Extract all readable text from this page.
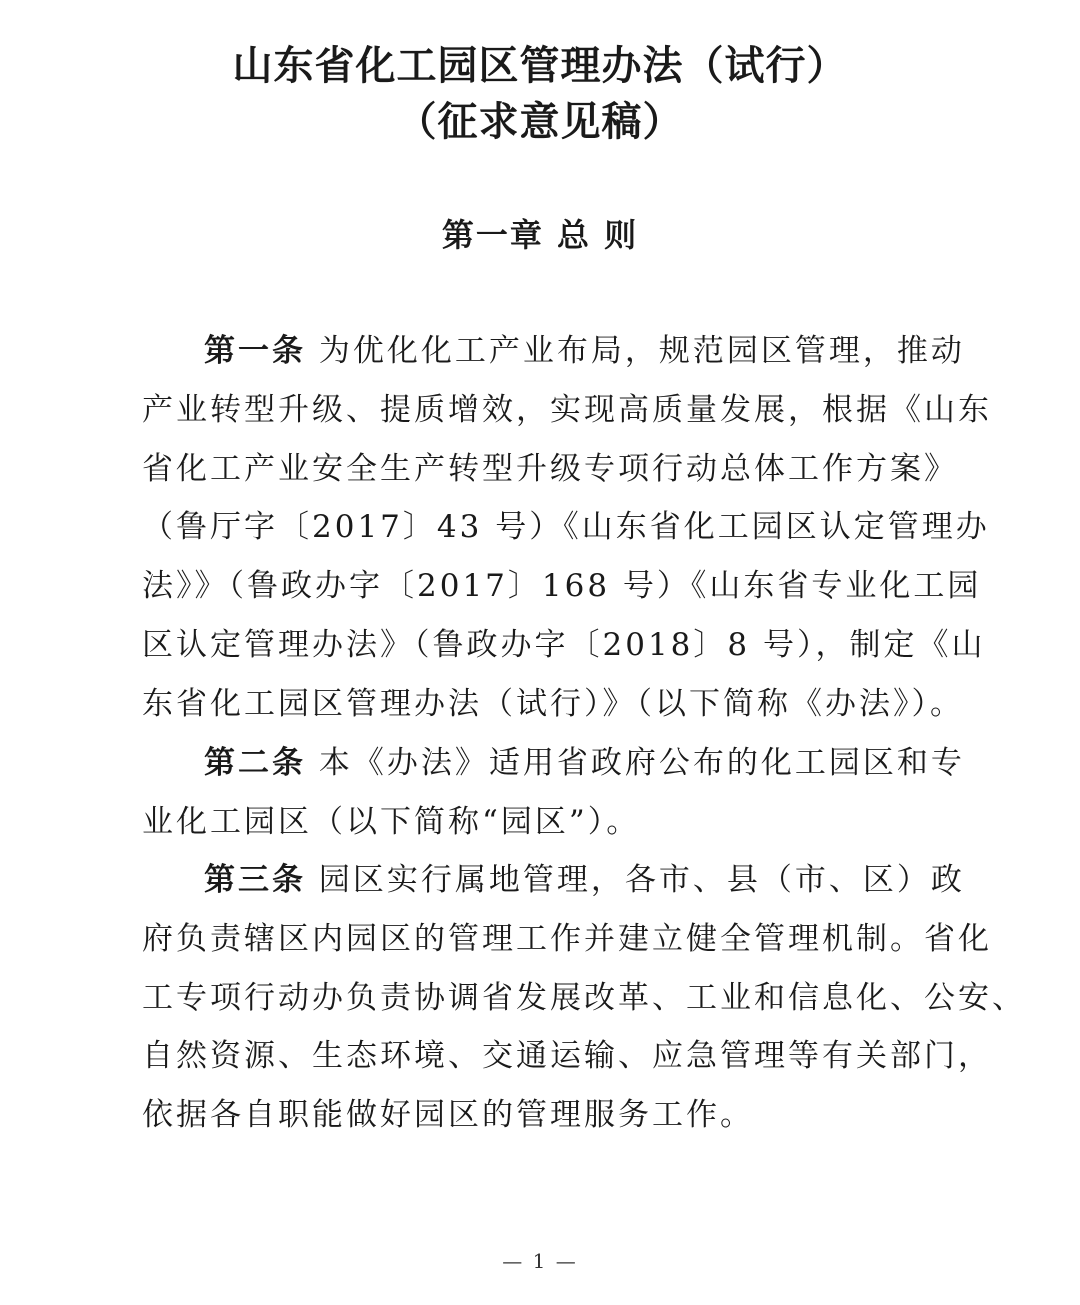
山东省化工园区管理办法（试行）
（征求意见稿）
第一章 总 则
第一条 为优化化工产业布局，规范园区管理，推动
产业转型升级、提质增效，实现高质量发展，根据《山东
省化工产业安全生产转型升级专项行动总体工作方案》
（鲁厅字〔2017〕43 号）《山东省化工园区认定管理办
法》》（鲁政办字〔2017〕168 号）《山东省专业化工园
区认定管理办法》（鲁政办字〔2018〕8 号），制定《山
东省化工园区管理办法（试行）》（以下简称《办法》）。
第二条 本《办法》适用省政府公布的化工园区和专
业化工园区（以下简称“园区”）。
第三条 园区实行属地管理，各市、县（市、区）政
府负责辖区内园区的管理工作并建立健全管理机制。省化
工专项行动办负责协调省发展改革、工业和信息化、公安、
自然资源、生态环境、交通运输、应急管理等有关部门，
依据各自职能做好园区的管理服务工作。
— 1 —
